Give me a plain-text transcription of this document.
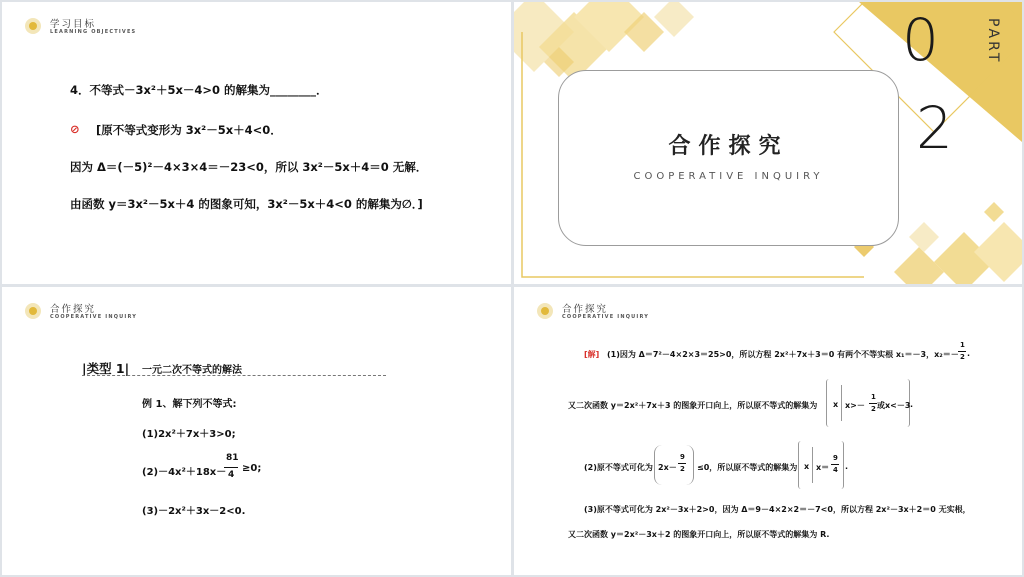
学习目标
LEARNING OBJECTIVES
4．不等式－3x²＋5x－4>0 的解集为________．
⊘ [原不等式变形为 3x²－5x＋4<0．
因为 Δ＝(－5)²－4×3×4＝－23<0，所以 3x²－5x＋4＝0 无解．
由函数 y＝3x²－5x＋4 的图象可知，3x²－5x＋4<0 的解集为∅．]
合作探究
COOPERATIVE INQUIRY
0
2
PART
合作探究
COOPERATIVE INQUIRY
|类型 1| 一元二次不等式的解法
例 1、解下列不等式:
(1)2x²＋7x＋3>0;
(2)－4x²＋18x－
81
4
≥0;
(3)－2x²＋3x－2<0.
合作探究
COOPERATIVE INQUIRY
[解] (1)因为 Δ＝7²－4×2×3＝25>0，所以方程 2x²＋7x＋3＝0 有两个不等实根 x₁＝－3，x₂＝－
1
2 .
又二次函数 y＝2x²＋7x＋3 的图象开口向上，所以原不等式的解集为 x x>－
1
2 或x<－3 .
(2)原不等式可化为 2x－
9
2 ≤0，所以原不等式的解集为 x x＝
9
4 .
(3)原不等式可化为 2x²－3x＋2>0，因为 Δ＝9－4×2×2＝－7<0，所以方程 2x²－3x＋2＝0 无实根，
又二次函数 y＝2x²－3x＋2 的图象开口向上，所以原不等式的解集为 R.
